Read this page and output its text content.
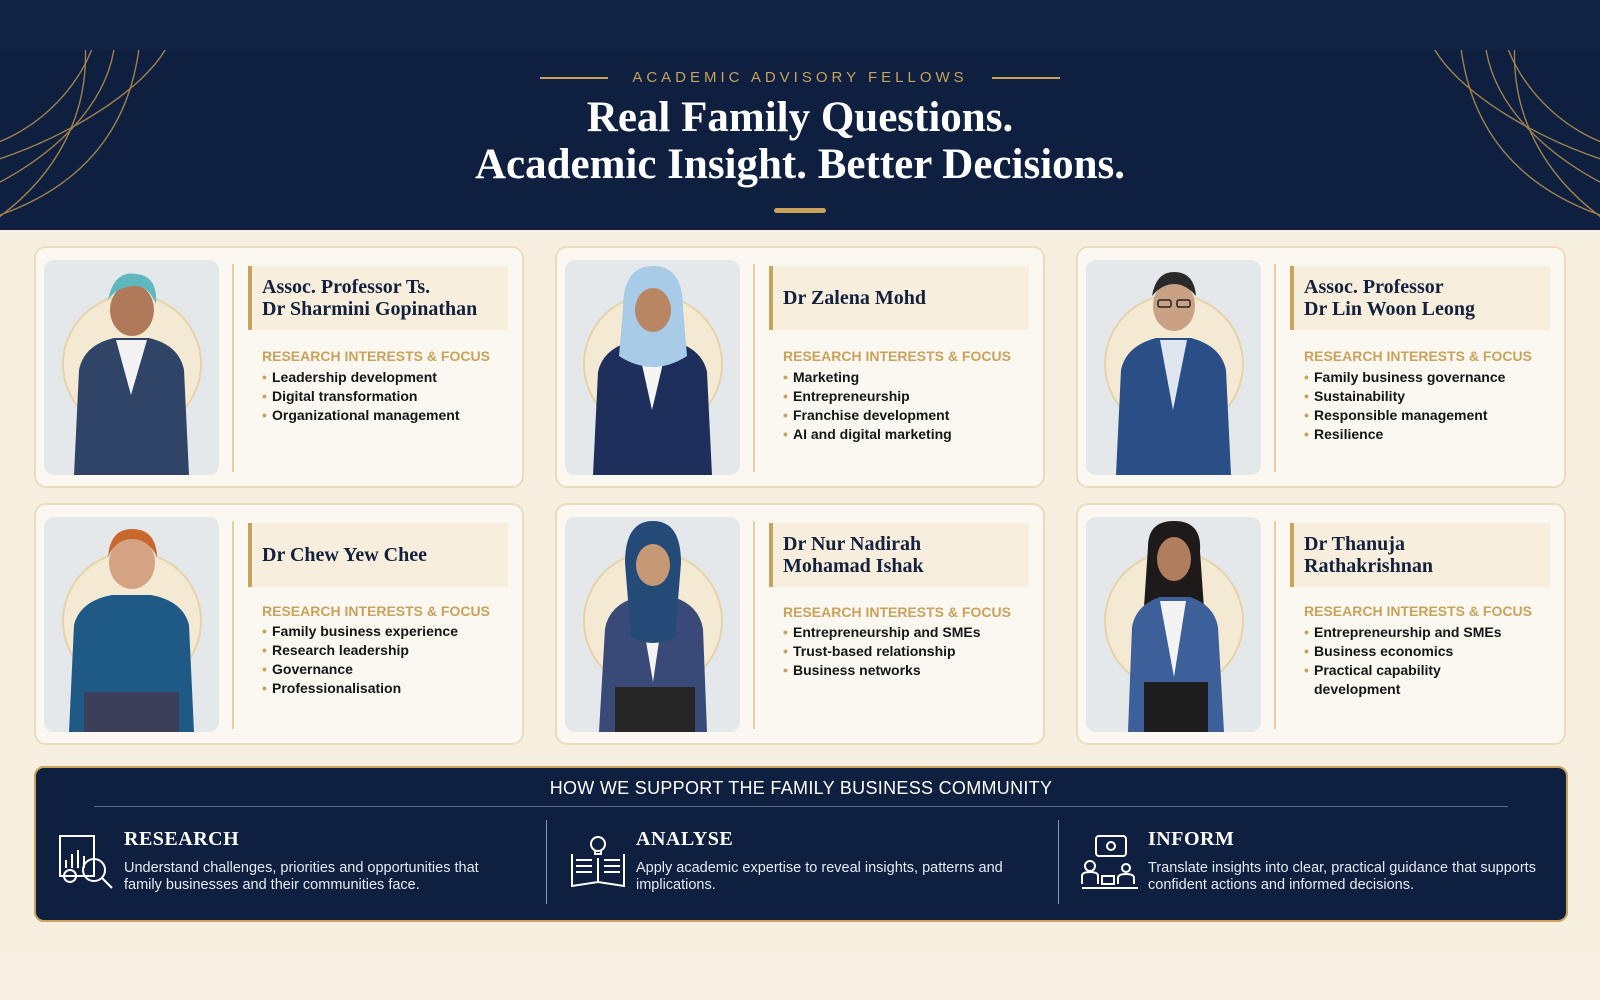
ACADEMIC ADVISORY FELLOWS
Real Family Questions.
Academic Insight. Better Decisions.
Assoc. Professor Ts.
Dr Sharmini Gopinathan
RESEARCH INTERESTS & FOCUS
• Leadership development
• Digital transformation
• Organizational management
Dr Zalena Mohd
RESEARCH INTERESTS & FOCUS
• Marketing
• Entrepreneurship
• Franchise development
• AI and digital marketing
Assoc. Professor
Dr Lin Woon Leong
RESEARCH INTERESTS & FOCUS
• Family business governance
• Sustainability
• Responsible management
• Resilience
Dr Chew Yew Chee
RESEARCH INTERESTS & FOCUS
• Family business experience
• Research leadership
• Governance
• Professionalisation
Dr Nur Nadirah
Mohamad Ishak
RESEARCH INTERESTS & FOCUS
• Entrepreneurship and SMEs
• Trust-based relationship
• Business networks
Dr Thanuja
Rathakrishnan
RESEARCH INTERESTS & FOCUS
• Entrepreneurship and SMEs
• Business economics
• Practical capability development
HOW WE SUPPORT THE FAMILY BUSINESS COMMUNITY
RESEARCH

Understand challenges, priorities and opportunities that family businesses and their communities face.

ANALYSE

Apply academic expertise to reveal insights, patterns and implications.

INFORM

Translate insights into clear, practical guidance that supports confident actions and informed decisions.
